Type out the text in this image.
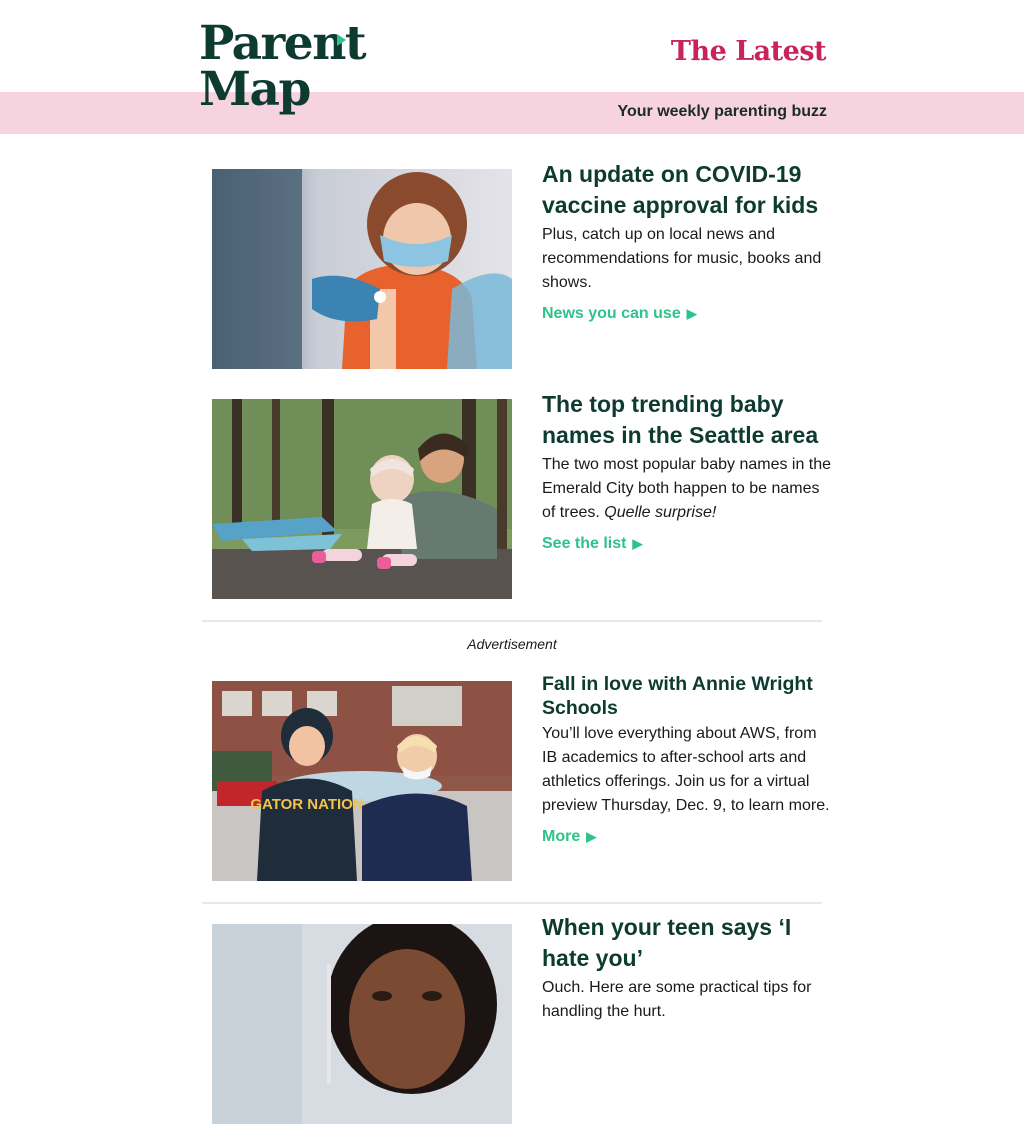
Parent
Map
The Latest
Your weekly parenting buzz
An update on COVID-19 vaccine approval for kids

Plus, catch up on local news and recommendations for music, books and shows.

News you can use ▶
The top trending baby names in the Seattle area

The two most popular baby names in the Emerald City both happen to be names of trees. Quelle surprise!

See the list ▶
Advertisement
GATOR NATION
Fall in love with Annie Wright Schools

You’ll love everything about AWS, from IB academics to after-school arts and athletics offerings. Join us for a virtual preview Thursday, Dec. 9, to learn more.

More ▶
When your teen says ‘I hate you’

Ouch. Here are some practical tips for handling the hurt.
